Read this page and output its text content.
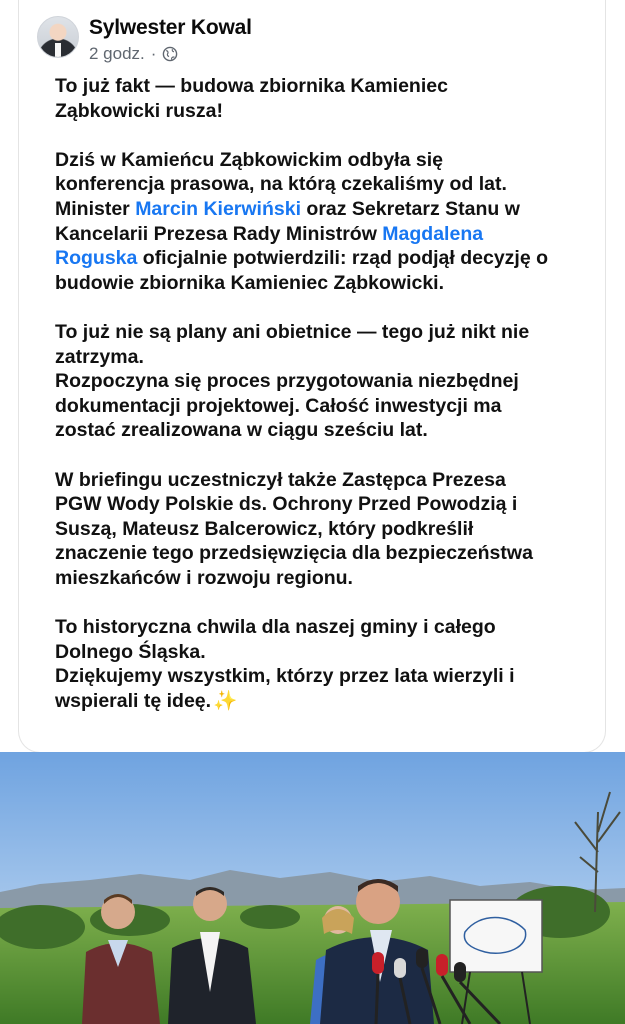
Sylwester Kowal
2 godz. ·

To już fakt — budowa zbiornika Kamieniec
Ząbkowicki rusza!

Dziś w Kamieńcu Ząbkowickim odbyła się
konferencja prasowa, na którą czekaliśmy od lat.
Minister Marcin Kierwiński oraz Sekretarz Stanu w
Kancelarii Prezesa Rady Ministrów Magdalena
Roguska oficjalnie potwierdzili: rząd podjął decyzję o
budowie zbiornika Kamieniec Ząbkowicki.

To już nie są plany ani obietnice — tego już nikt nie
zatrzyma.
Rozpoczyna się proces przygotowania niezbędnej
dokumentacji projektowej. Całość inwestycji ma
zostać zrealizowana w ciągu sześciu lat.

W briefingu uczestniczył także Zastępca Prezesa
PGW Wody Polskie ds. Ochrony Przed Powodzią i
Suszą, Mateusz Balcerowicz, który podkreślił
znaczenie tego przedsięwzięcia dla bezpieczeństwa
mieszkańców i rozwoju regionu.

To historyczna chwila dla naszej gminy i całego
Dolnego Śląska.
Dziękujemy wszystkim, którzy przez lata wierzyli i
wspierali tę ideę. ✨
